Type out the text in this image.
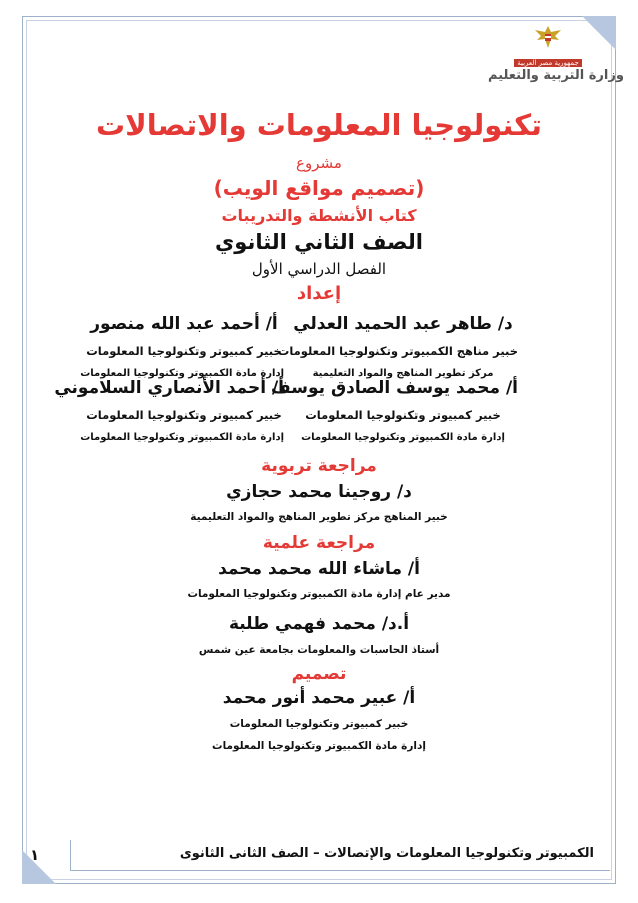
جمهورية مصر العربية
وزارة التربية والتعليم
تكنولوجيا المعلومات والاتصالات
مشروع
(تصميم مواقع الويب)
كتاب الأنشطة والتدريبات
الصف الثاني الثانوي
الفصل الدراسي الأول
إعداد
د/ طاهر عبد الحميد العدلي
خبير مناهج الكمبيوتر وتكنولوجيا المعلومات
مركز تطوير المناهج والمواد التعليمية
أ/ محمد يوسف الصادق يوسف
خبير كمبيوتر وتكنولوجيا المعلومات
إدارة مادة الكمبيوتر وتكنولوجيا المعلومات
أ/ أحمد عبد الله منصور
خبير كمبيوتر وتكنولوجيا المعلومات
إدارة مادة الكمبيوتر وتكنولوجيا المعلومات
أ/ أحمد الأنصاري السلاموني
خبير كمبيوتر وتكنولوجيا المعلومات
إدارة مادة الكمبيوتر وتكنولوجيا المعلومات
مراجعة تربوية
د/ روجينا محمد حجازي
خبير المناهج مركز تطوير المناهج والمواد التعليمية
مراجعة علمية
أ/ ماشاء الله محمد محمد
مدير عام إدارة مادة الكمبيوتر وتكنولوجيا المعلومات
أ.د/ محمد فهمي طلبة
أستاذ الحاسبات والمعلومات بجامعة عين شمس
تصميم
أ/ عبير محمد أنور محمد
خبير كمبيوتر وتكنولوجيا المعلومات
إدارة مادة الكمبيوتر وتكنولوجيا المعلومات
١	الكمبيوتر وتكنولوجيا المعلومات والإتصالات – الصف الثانى الثانوى
